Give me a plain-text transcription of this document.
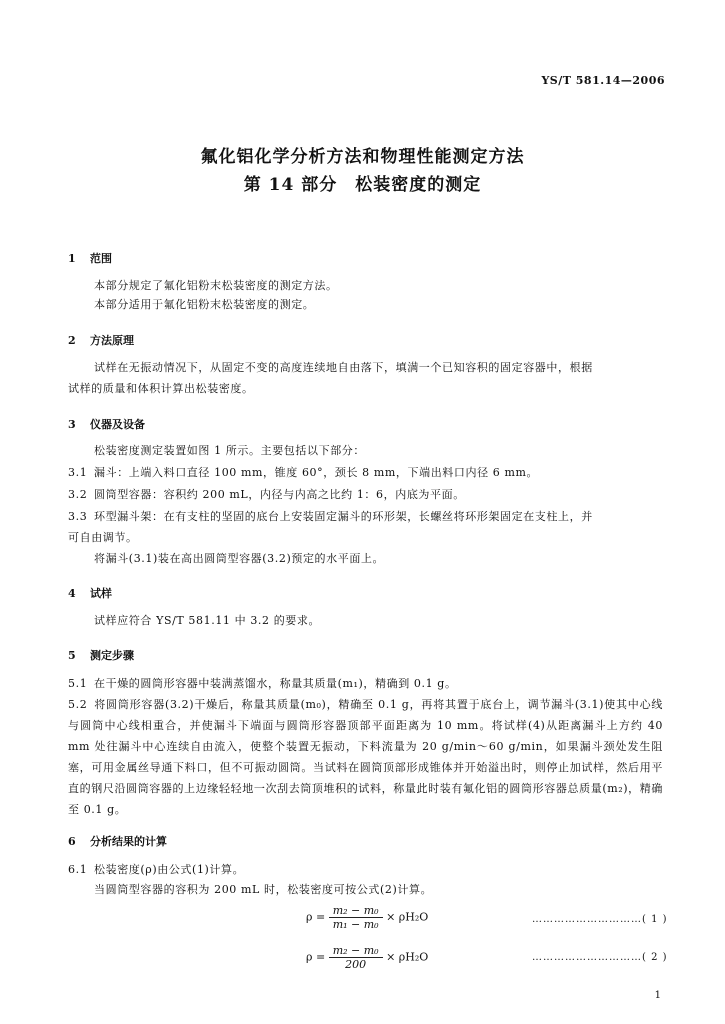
YS/T 581.14—2006
氟化铝化学分析方法和物理性能测定方法
第 14 部分　松装密度的测定
1 范围
本部分规定了氟化铝粉末松装密度的测定方法。
本部分适用于氟化铝粉末松装密度的测定。
2 方法原理
试样在无振动情况下，从固定不变的高度连续地自由落下，填满一个已知容积的固定容器中，根据
试样的质量和体积计算出松装密度。
3 仪器及设备
松装密度测定装置如图 1 所示。主要包括以下部分：
3.1 漏斗：上端入料口直径 100 mm，锥度 60°，颈长 8 mm，下端出料口内径 6 mm。
3.2 圆筒型容器：容积约 200 mL，内径与内高之比约 1：6，内底为平面。
3.3 环型漏斗架：在有支柱的坚固的底台上安装固定漏斗的环形架，长螺丝将环形架固定在支柱上，并
可自由调节。
将漏斗(3.1)装在高出圆筒型容器(3.2)预定的水平面上。
4 试样
试样应符合 YS/T 581.11 中 3.2 的要求。
5 测定步骤
5.1 在干燥的圆筒形容器中装满蒸馏水，称量其质量(m₁)，精确到 0.1 g。
5.2 将圆筒形容器(3.2)干燥后，称量其质量(m₀)，精确至 0.1 g，再将其置于底台上，调节漏斗(3.1)使其中心线与圆筒中心线相重合，并使漏斗下端面与圆筒形容器顶部平面距离为 10 mm。将试样(4)从距离漏斗上方约 40 mm 处往漏斗中心连续自由流入，使整个装置无振动，下料流量为 20 g/min～60 g/min，如果漏斗颈处发生阻塞，可用金属丝导通下料口，但不可振动圆筒。当试料在圆筒顶部形成锥体并开始溢出时，则停止加试样，然后用平直的钢尺沿圆筒容器的上边缘轻轻地一次刮去筒顶堆积的试料，称量此时装有氟化铝的圆筒形容器总质量(m₂)，精确至 0.1 g。
6 分析结果的计算
6.1 松装密度(ρ)由公式(1)计算。
当圆筒型容器的容积为 200 mL 时，松装密度可按公式(2)计算。
$\rho = \frac{\text{m₂ − m₀}}{\text{m₁ − m₀}} \times \rho H_2O$	…………………………( 1 )
$\rho = \frac{\text{m₂ − m₀}}{200} \times \rho H_2O$	…………………………( 2 )
1
